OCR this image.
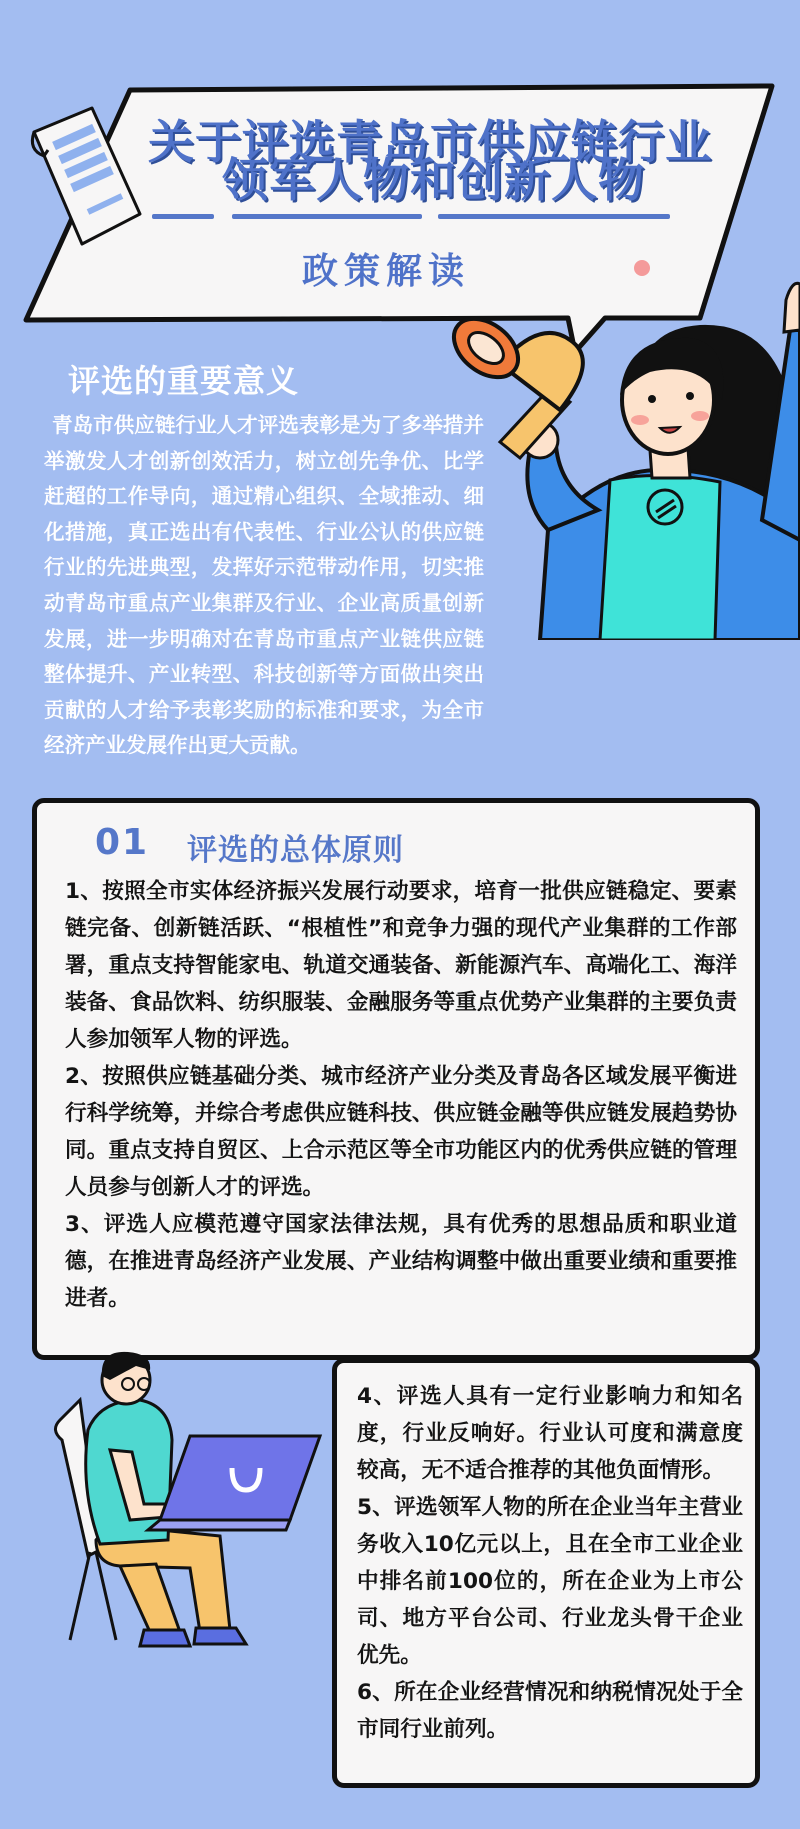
关于评选青岛市供应链行业
领军人物和创新人物
政策解读
评选的重要意义
青岛市供应链行业人才评选表彰是为了多举措并举激发人才创新创效活力，树立创先争优、比学赶超的工作导向，通过精心组织、全域推动、细化措施，真正选出有代表性、行业公认的供应链行业的先进典型，发挥好示范带动作用，切实推动青岛市重点产业集群及行业、企业高质量创新发展，进一步明确对在青岛市重点产业链供应链整体提升、产业转型、科技创新等方面做出突出贡献的人才给予表彰奖励的标准和要求，为全市经济产业发展作出更大贡献。
01 评选的总体原则

1、按照全市实体经济振兴发展行动要求，培育一批供应链稳定、要素链完备、创新链活跃、“根植性”和竞争力强的现代产业集群的工作部署，重点支持智能家电、轨道交通装备、新能源汽车、高端化工、海洋装备、食品饮料、纺织服装、金融服务等重点优势产业集群的主要负责人参加领军人物的评选。

2、按照供应链基础分类、城市经济产业分类及青岛各区域发展平衡进行科学统筹，并综合考虑供应链科技、供应链金融等供应链发展趋势协同。重点支持自贸区、上合示范区等全市功能区内的优秀供应链的管理人员参与创新人才的评选。

3、评选人应模范遵守国家法律法规，具有优秀的思想品质和职业道德，在推进青岛经济产业发展、产业结构调整中做出重要业绩和重要推进者。

4、评选人具有一定行业影响力和知名度，行业反响好。行业认可度和满意度较高，无不适合推荐的其他负面情形。

5、评选领军人物的所在企业当年主营业务收入10亿元以上，且在全市工业企业中排名前100位的，所在企业为上市公司、地方平台公司、行业龙头骨干企业优先。

6、所在企业经营情况和纳税情况处于全市同行业前列。
